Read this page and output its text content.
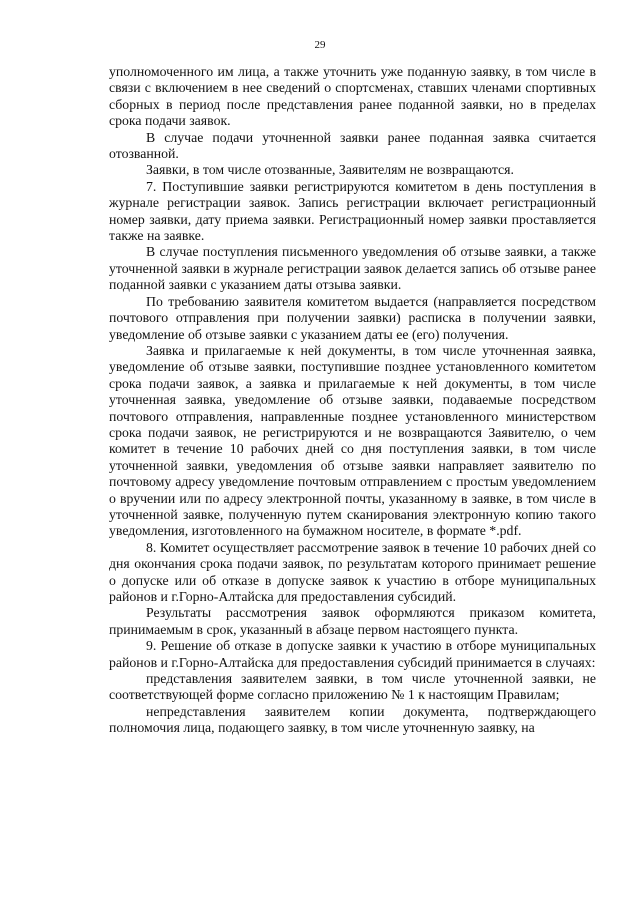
29

уполномоченного им лица, а также уточнить уже поданную заявку, в том числе в связи с включением в нее сведений о спортсменах, ставших членами спортивных сборных в период после представления ранее поданной заявки, но в пределах срока подачи заявок.

В случае подачи уточненной заявки ранее поданная заявка считается отозванной.

Заявки, в том числе отозванные, Заявителям не возвращаются.

7. Поступившие заявки регистрируются комитетом в день поступления в журнале регистрации заявок. Запись регистрации включает регистрационный номер заявки, дату приема заявки. Регистрационный номер заявки проставляется также на заявке.

В случае поступления письменного уведомления об отзыве заявки, а также уточненной заявки в журнале регистрации заявок делается запись об отзыве ранее поданной заявки с указанием даты отзыва заявки.

По требованию заявителя комитетом выдается (направляется посредством почтового отправления при получении заявки) расписка в получении заявки, уведомление об отзыве заявки с указанием даты ее (его) получения.

Заявка и прилагаемые к ней документы, в том числе уточненная заявка, уведомление об отзыве заявки, поступившие позднее установленного комитетом срока подачи заявок, а заявка и прилагаемые к ней документы, в том числе уточненная заявка, уведомление об отзыве заявки, подаваемые посредством почтового отправления, направленные позднее установленного министерством срока подачи заявок, не регистрируются и не возвращаются Заявителю, о чем комитет в течение 10 рабочих дней со дня поступления заявки, в том числе уточненной заявки, уведомления об отзыве заявки направляет заявителю по почтовому адресу уведомление почтовым отправлением с простым уведомлением о вручении или по адресу электронной почты, указанному в заявке, в том числе в уточненной заявке, полученную путем сканирования электронную копию такого уведомления, изготовленного на бумажном носителе, в формате *.pdf.

8. Комитет осуществляет рассмотрение заявок в течение 10 рабочих дней со дня окончания срока подачи заявок, по результатам которого принимает решение о допуске или об отказе в допуске заявок к участию в отборе муниципальных районов и г.Горно-Алтайска для предоставления субсидий.

Результаты рассмотрения заявок оформляются приказом комитета, принимаемым в срок, указанный в абзаце первом настоящего пункта.

9. Решение об отказе в допуске заявки к участию в отборе муниципальных районов и г.Горно-Алтайска для предоставления субсидий принимается в случаях:

представления заявителем заявки, в том числе уточненной заявки, не соответствующей форме согласно приложению № 1 к настоящим Правилам;

непредставления заявителем копии документа, подтверждающего полномочия лица, подающего заявку, в том числе уточненную заявку, на
